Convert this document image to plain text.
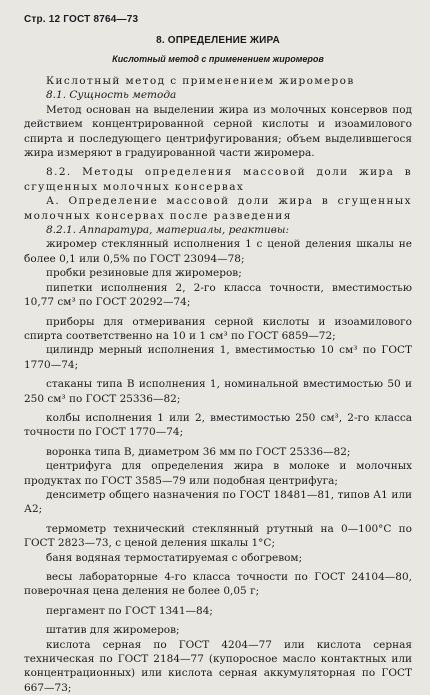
Стр. 12 ГОСТ 8764—73
8. ОПРЕДЕЛЕНИЕ ЖИРА
Кислотный метод с применением жиромеров

Кислотный метод с применением жиромеров

8.1. Сущность метода

Метод основан на выделении жира из молочных консервов под действием концентрированной серной кислоты и изоамилового спирта и последующего центрифугирования; объем выделившегося жира измеряют в градуированной части жиромера.

8.2. Методы определения массовой доли жира в сгущенных молочных консервах

А. Определение массовой доли жира в сгущенных молочных консервах после разведения

8.2.1. Аппаратура, материалы, реактивы:

жиромер стеклянный исполнения 1 с ценой деления шкалы не более 0,1 или 0,5% по ГОСТ 23094—78;

пробки резиновые для жиромеров;

пипетки исполнения 2, 2-го класса точности, вместимостью 10,77 см³ по ГОСТ 20292—74;

приборы для отмеривания серной кислоты и изоамилового спирта соответственно на 10 и 1 см³ по ГОСТ 6859—72;

цилиндр мерный исполнения 1, вместимостью 10 см³ по ГОСТ 1770—74;

стаканы типа В исполнения 1, номинальной вместимостью 50 и 250 см³ по ГОСТ 25336—82;

колбы исполнения 1 или 2, вместимостью 250 см³, 2-го класса точности по ГОСТ 1770—74;

воронка типа В, диаметром 36 мм по ГОСТ 25336—82;

центрифуга для определения жира в молоке и молочных продуктах по ГОСТ 3585—79 или подобная центрифуга;

денсиметр общего назначения по ГОСТ 18481—81, типов А1 или А2;

термометр технический стеклянный ртутный на 0—100°С по ГОСТ 2823—73, с ценой деления шкалы 1°С;

баня водяная термостатируемая с обогревом;

весы лабораторные 4-го класса точности по ГОСТ 24104—80, поверочная цена деления не более 0,05 г;

пергамент по ГОСТ 1341—84;

штатив для жиромеров;

кислота серная по ГОСТ 4204—77 или кислота серная техническая по ГОСТ 2184—77 (купоросное масло контактных или концентрационных) или кислота серная аккумуляторная по ГОСТ 667—73;
